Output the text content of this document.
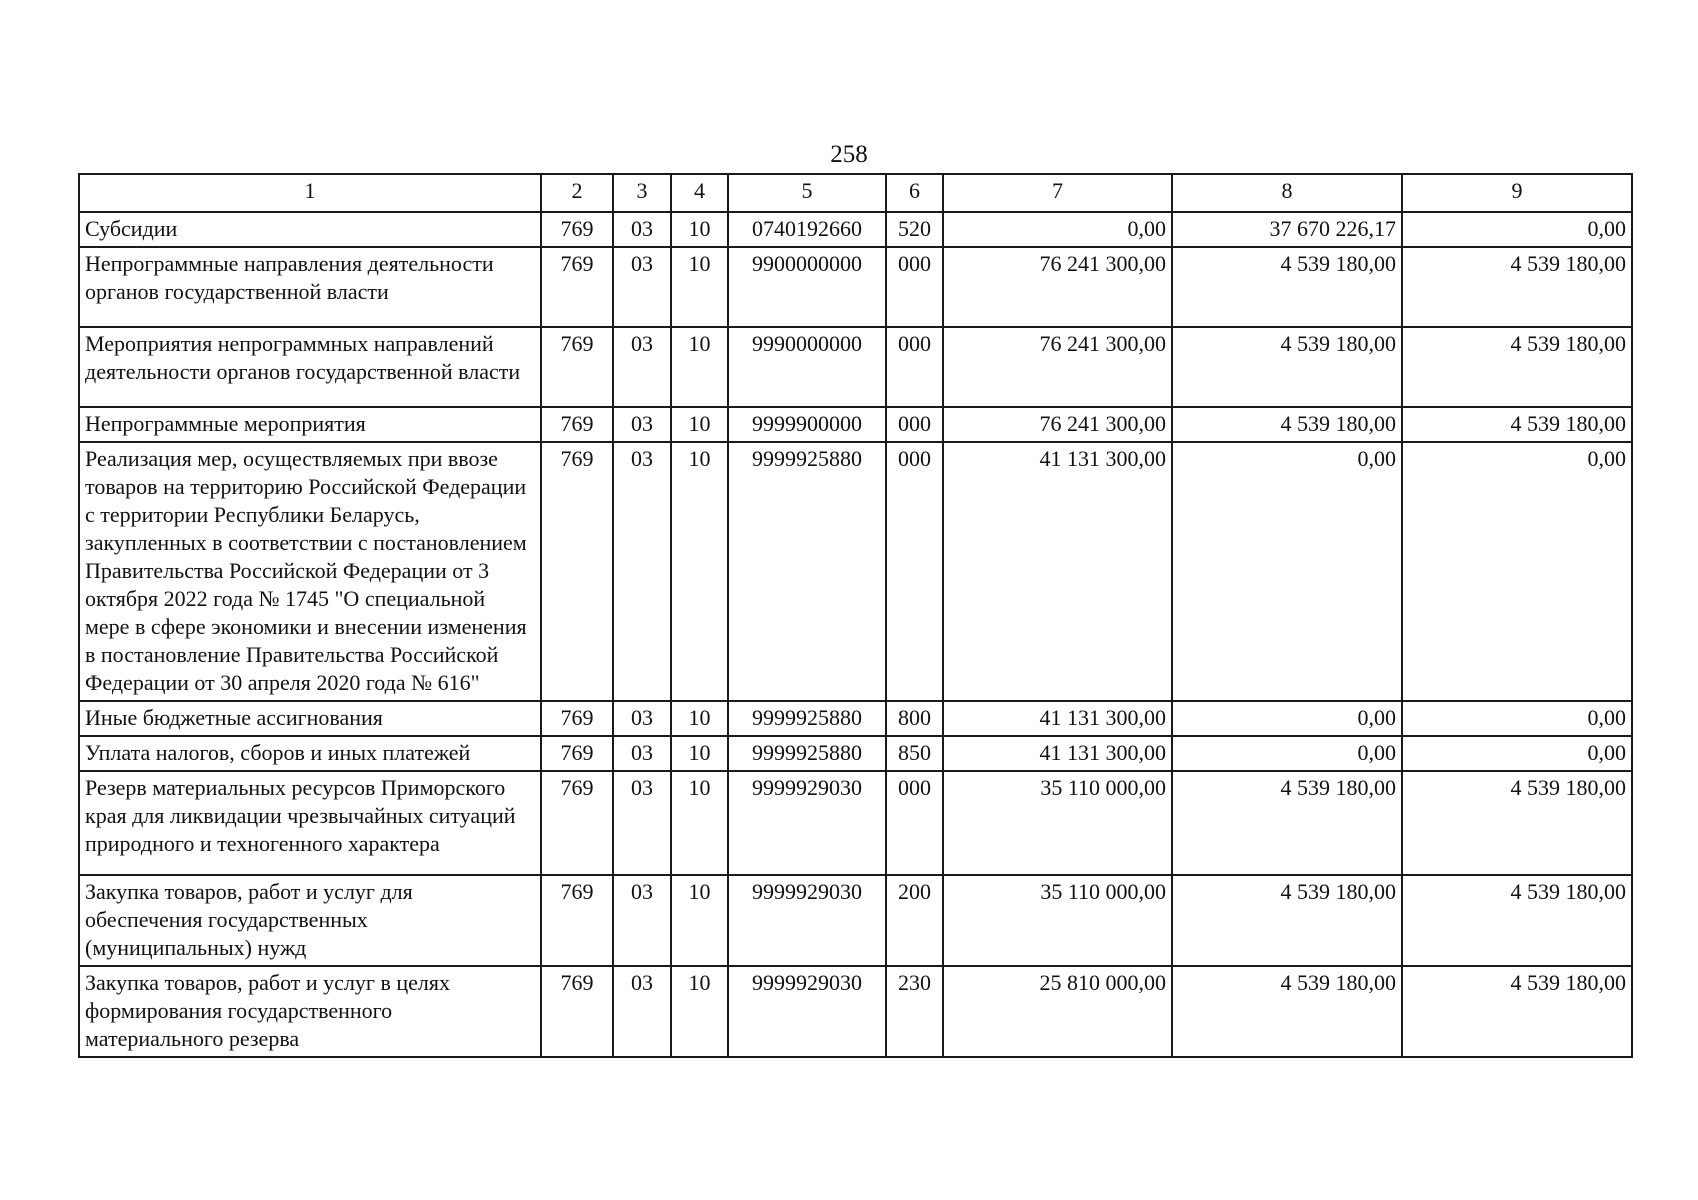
258
1	2	3	4	5	6	7	8	9
Субсидии	769	03	10	0740192660	520	0,00	37 670 226,17	0,00
Непрограммные направления деятельности органов государственной власти	769	03	10	9900000000	000	76 241 300,00	4 539 180,00	4 539 180,00
Мероприятия непрограммных направлений деятельности органов государственной власти	769	03	10	9990000000	000	76 241 300,00	4 539 180,00	4 539 180,00
Непрограммные мероприятия	769	03	10	9999900000	000	76 241 300,00	4 539 180,00	4 539 180,00
Реализация мер, осуществляемых при ввозе товаров на территорию Российской Федерации с территории Республики Беларусь, закупленных в соответствии с постановлением Правительства Российской Федерации от 3 октября 2022 года № 1745 "О специальной мере в сфере экономики и внесении изменения в постановление Правительства Российской Федерации от 30 апреля 2020 года № 616"	769	03	10	9999925880	000	41 131 300,00	0,00	0,00
Иные бюджетные ассигнования	769	03	10	9999925880	800	41 131 300,00	0,00	0,00
Уплата налогов, сборов и иных платежей	769	03	10	9999925880	850	41 131 300,00	0,00	0,00
Резерв материальных ресурсов Приморского края для ликвидации чрезвычайных ситуаций природного и техногенного характера	769	03	10	9999929030	000	35 110 000,00	4 539 180,00	4 539 180,00
Закупка товаров, работ и услуг для обеспечения государственных (муниципальных) нужд	769	03	10	9999929030	200	35 110 000,00	4 539 180,00	4 539 180,00
Закупка товаров, работ и услуг в целях формирования государственного материального резерва	769	03	10	9999929030	230	25 810 000,00	4 539 180,00	4 539 180,00
